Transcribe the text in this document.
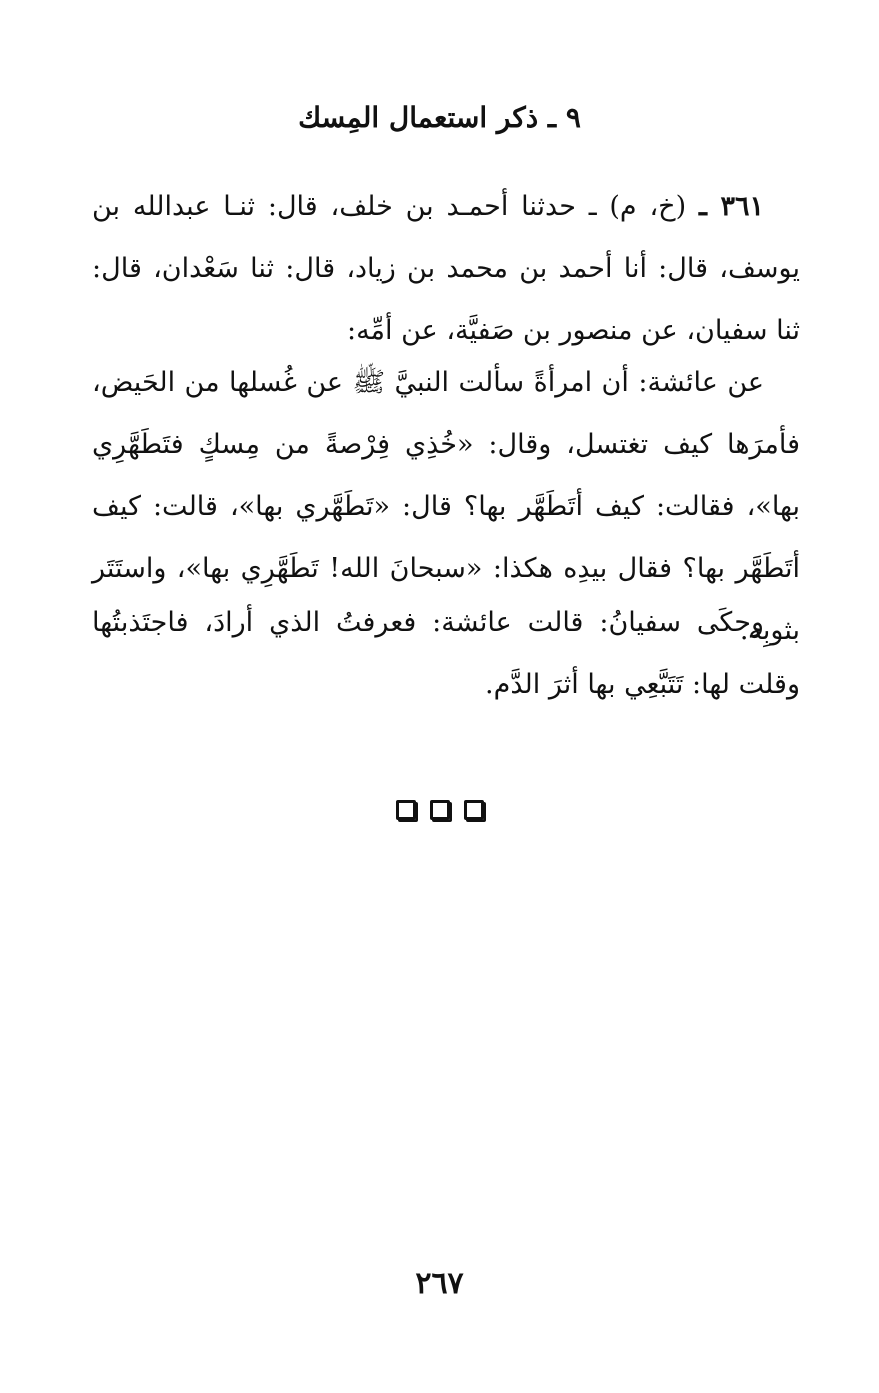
٩ ـ ذكر استعمال المِسك

٣٦١ ـ (خ، م) ـ حدثنا أحمـد بن خلف، قال: ثنـا عبدالله بن يوسف، قال: أنا أحمد بن محمد بن زياد، قال: ثنا سَعْدان، قال: ثنا سفيان، عن منصور بن صَفيَّة، عن أمِّه:

عن عائشة: أن امرأةً سألت النبيَّ ﷺ عن غُسلها من الحَيض، فأمرَها كيف تغتسل، وقال: «خُذِي فِرْصةً من مِسكٍ فتَطَهَّرِي بها»، فقالت: كيف أتَطَهَّر بها؟ قال: «تَطَهَّري بها»، قالت: كيف أتَطَهَّر بها؟ فقال بيدِه هكذا: «سبحانَ الله! تَطَهَّرِي بها»، واستَتَر بثوبِه.

وحكَى سفيانُ: قالت عائشة: فعرفتُ الذي أرادَ، فاجتَذبتُها وقلت لها: تَتَبَّعِي بها أثرَ الدَّم.

٢٦٧
